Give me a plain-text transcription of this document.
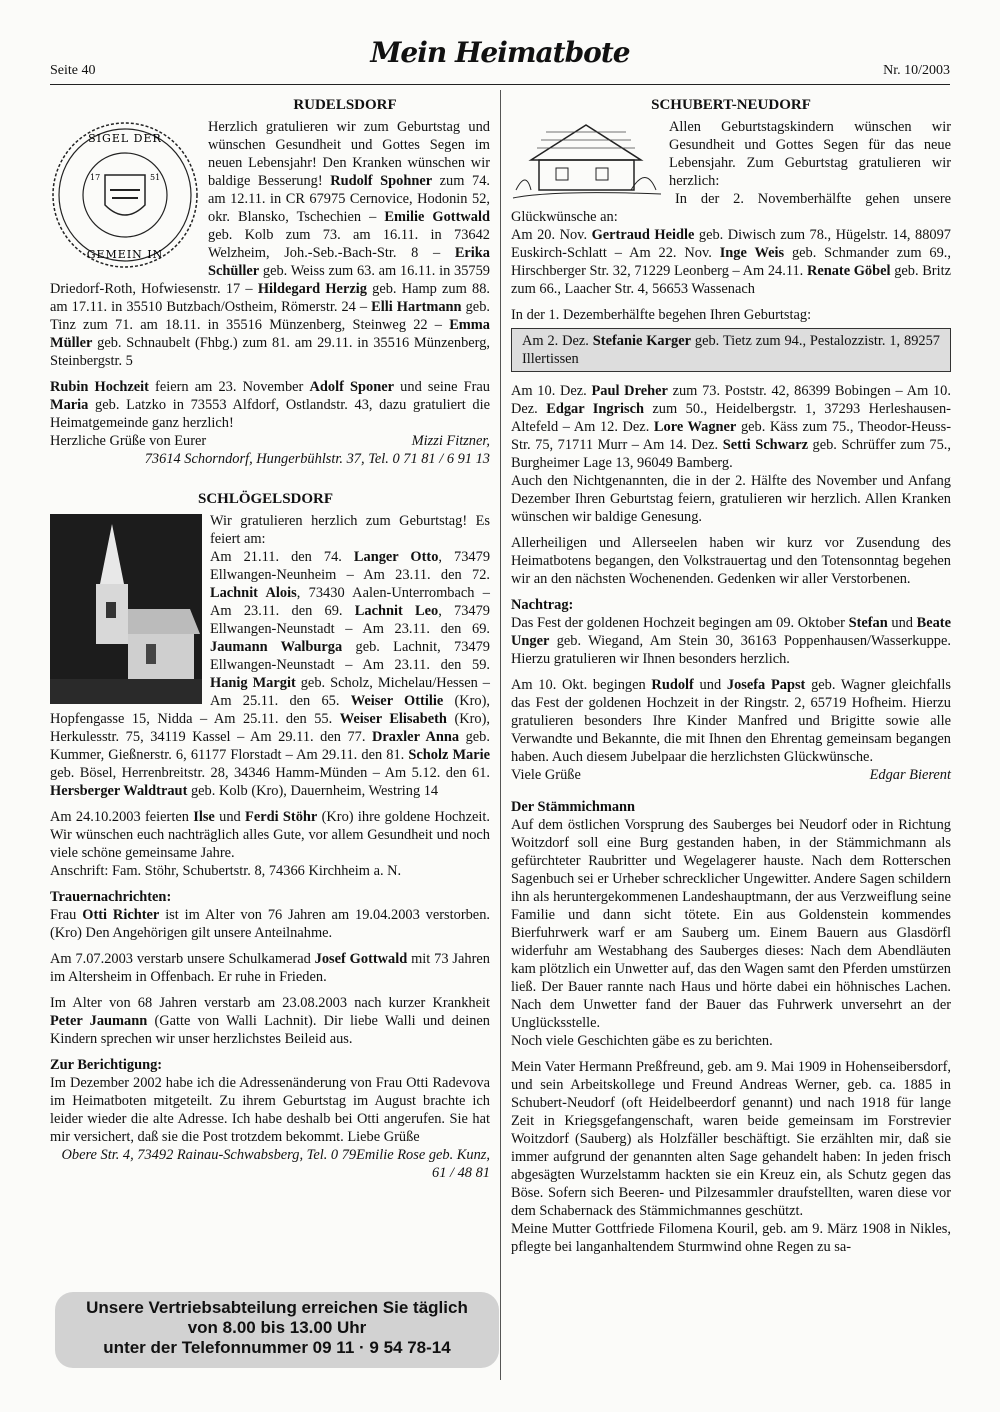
Seite 40
Mein Heimatbote
Nr. 10/2003
RUDELSDORF
17	51
SIGEL DER
GEMEIN IN

Herzlich gratulieren wir zum Geburtstag und wünschen Gesundheit und Gottes Segen im neuen Lebensjahr! Den Kranken wünschen wir baldige Besserung! Rudolf Spohner zum 74. am 12.11. in CR 67975 Cernovice, Hodonin 52, okr. Blansko, Tschechien – Emilie Gottwald geb. Kolb zum 73. am 16.11. in 73642 Welzheim, Joh.-Seb.-Bach-Str. 8 – Erika Schüller geb. Weiss zum 63. am 16.11. in 35759 Driedorf-Roth, Hofwiesenstr. 17 – Hildegard Herzig geb. Hamp zum 88. am 17.11. in 35510 Butzbach/Ostheim, Römerstr. 24 – Elli Hartmann geb. Tinz zum 71. am 18.11. in 35516 Münzenberg, Steinweg 22 – Emma Müller geb. Schnaubelt (Fhbg.) zum 81. am 29.11. in 35516 Münzenberg, Steinbergstr. 5

Rubin Hochzeit feiern am 23. November Adolf Sponer und seine Frau Maria geb. Latzko in 73553 Alfdorf, Ostlandstr. 43, dazu gratuliert die Heimatgemeinde ganz herzlich!

Herzliche Grüße von Eurer	Mizzi Fitzner,

73614 Schorndorf, Hungerbühlstr. 37, Tel. 0 71 81 / 6 91 13

SCHLÖGELSDORF

Wir gratulieren herzlich zum Geburtstag! Es feiert am:
Am 21.11. den 74. Langer Otto, 73479 Ellwangen-Neunheim – Am 23.11. den 72. Lachnit Alois, 73430 Aalen-Unterrombach – Am 23.11. den 69. Lachnit Leo, 73479 Ellwangen-Neunstadt – Am 23.11. den 69. Jaumann Walburga geb. Lachnit, 73479 Ellwangen-Neunstadt – Am 23.11. den 59. Hanig Margit geb. Scholz, Michelau/Hessen – Am 25.11. den 65. Weiser Ottilie (Kro), Hopfengasse 15, Nidda – Am 25.11. den 55. Weiser Elisabeth (Kro), Herkulesstr. 75, 34119 Kassel – Am 29.11. den 77. Draxler Anna geb. Kummer, Gießnerstr. 6, 61177 Florstadt – Am 29.11. den 81. Scholz Marie geb. Bösel, Herrenbreitstr. 28, 34346 Hamm-Münden – Am 5.12. den 61. Hersberger Waldtraut geb. Kolb (Kro), Dauernheim, Westring 14

Am 24.10.2003 feierten Ilse und Ferdi Stöhr (Kro) ihre goldene Hochzeit. Wir wünschen euch nachträglich alles Gute, vor allem Gesundheit und noch viele schöne gemeinsame Jahre.

Anschrift: Fam. Stöhr, Schubertstr. 8, 74366 Kirchheim a. N.

Trauernachrichten:

Frau Otti Richter ist im Alter von 76 Jahren am 19.04.2003 verstorben. (Kro) Den Angehörigen gilt unsere Anteilnahme.

Am 7.07.2003 verstarb unsere Schulkamerad Josef Gottwald mit 73 Jahren im Altersheim in Offenbach. Er ruhe in Frieden.

Im Alter von 68 Jahren verstarb am 23.08.2003 nach kurzer Krankheit Peter Jaumann (Gatte von Walli Lachnit). Dir liebe Walli und deinen Kindern sprechen wir unser herzlichstes Beileid aus.

Zur Berichtigung:

Im Dezember 2002 habe ich die Adressenänderung von Frau Otti Radevova im Heimatboten mitgeteilt. Zu ihrem Geburtstag im August brachte ich leider wieder die alte Adresse. Ich habe deshalb bei Otti angerufen. Sie hat mir versichert, daß sie die Post trotzdem bekommt. Liebe Grüße
Emilie Rose geb. Kunz,

Obere Str. 4, 73492 Rainau-Schwabsberg, Tel. 0 79 61 / 48 81

Unsere Vertriebsabteilung erreichen Sie täglich
von 8.00 bis 13.00 Uhr
unter der Telefonnummer 09 11 · 9 54 78-14
SCHUBERT-NEUDORF

Allen Geburtstagskindern wünschen wir Gesundheit und Gottes Segen für das neue Lebensjahr. Zum Geburtstag gratulieren wir herzlich:

In der 2. Novemberhälfte gehen unsere Glückwünsche an:

Am 20. Nov. Gertraud Heidle geb. Diwisch zum 78., Hügelstr. 14, 88097 Euskirch-Schlatt – Am 22. Nov. Inge Weis geb. Schmander zum 69., Hirschberger Str. 32, 71229 Leonberg – Am 24.11. Renate Göbel geb. Britz zum 66., Laacher Str. 4, 56653 Wassenach

In der 1. Dezemberhälfte begehen Ihren Geburtstag:

Am 2. Dez. Stefanie Karger geb. Tietz zum 94., Pestalozzistr. 1, 89257 Illertissen

Am 10. Dez. Paul Dreher zum 73. Poststr. 42, 86399 Bobingen – Am 10. Dez. Edgar Ingrisch zum 50., Heidelbergstr. 1, 37293 Herleshausen-Altefeld – Am 12. Dez. Lore Wagner geb. Käss zum 75., Theodor-Heuss-Str. 75, 71711 Murr – Am 14. Dez. Setti Schwarz geb. Schrüffer zum 75., Burgheimer Lage 13, 96049 Bamberg.

Auch den Nichtgenannten, die in der 2. Hälfte des November und Anfang Dezember Ihren Geburtstag feiern, gratulieren wir herzlich. Allen Kranken wünschen wir baldige Genesung.

Allerheiligen und Allerseelen haben wir kurz vor Zusendung des Heimatbotens begangen, den Volkstrauertag und den Totensonntag begehen wir an den nächsten Wochenenden. Gedenken wir aller Verstorbenen.

Nachtrag:

Das Fest der goldenen Hochzeit begingen am 09. Oktober Stefan und Beate Unger geb. Wiegand, Am Stein 30, 36163 Poppenhausen/Wasserkuppe. Hierzu gratulieren wir Ihnen besonders herzlich.

Am 10. Okt. begingen Rudolf und Josefa Papst geb. Wagner gleichfalls das Fest der goldenen Hochzeit in der Ringstr. 2, 65719 Hofheim. Hierzu gratulieren besonders Ihre Kinder Manfred und Brigitte sowie alle Verwandte und Bekannte, die mit Ihnen den Ehrentag gemeinsam begangen haben. Auch diesem Jubelpaar die herzlichsten Glückwünsche.

Viele Grüße	Edgar Bierent
Der Stämmichmann

Auf dem östlichen Vorsprung des Sauberges bei Neudorf oder in Richtung Woitzdorf soll eine Burg gestanden haben, in der Stämmichmann als gefürchteter Raubritter und Wegelagerer hauste. Nach dem Rotterschen Sagenbuch sei er Urheber schrecklicher Ungewitter. Andere Sagen schildern ihn als heruntergekommenen Landeshauptmann, der aus Verzweiflung seine Familie und dann sicht tötete. Ein aus Goldenstein kommendes Bierfuhrwerk warf er am Sauberg um. Einem Bauern aus Glasdörfl widerfuhr am Westabhang des Sauberges dieses: Nach dem Abendläuten kam plötzlich ein Unwetter auf, das den Wagen samt den Pferden umstürzen ließ. Der Bauer rannte nach Haus und hörte dabei ein höhnisches Lachen. Nach dem Unwetter fand der Bauer das Fuhrwerk unversehrt an der Unglücksstelle.

Noch viele Geschichten gäbe es zu berichten.

Mein Vater Hermann Preßfreund, geb. am 9. Mai 1909 in Hohenseibersdorf, und sein Arbeitskollege und Freund Andreas Werner, geb. ca. 1885 in Schubert-Neudorf (oft Heidelbeerdorf genannt) und nach 1918 für lange Zeit in Kriegsgefangenschaft, waren beide gemeinsam im Forstrevier Woitzdorf (Sauberg) als Holzfäller beschäftigt. Sie erzählten mir, daß sie immer aufgrund der genannten alten Sage gehandelt haben: In jeden frisch abgesägten Wurzelstamm hackten sie ein Kreuz ein, als Schutz gegen das Böse. Sofern sich Beeren- und Pilzesammler draufstellten, waren diese vor dem Schabernack des Stämmichmannes geschützt.

Meine Mutter Gottfriede Filomena Kouril, geb. am 9. März 1908 in Nikles, pflegte bei langanhaltendem Sturmwind ohne Regen zu sa-
